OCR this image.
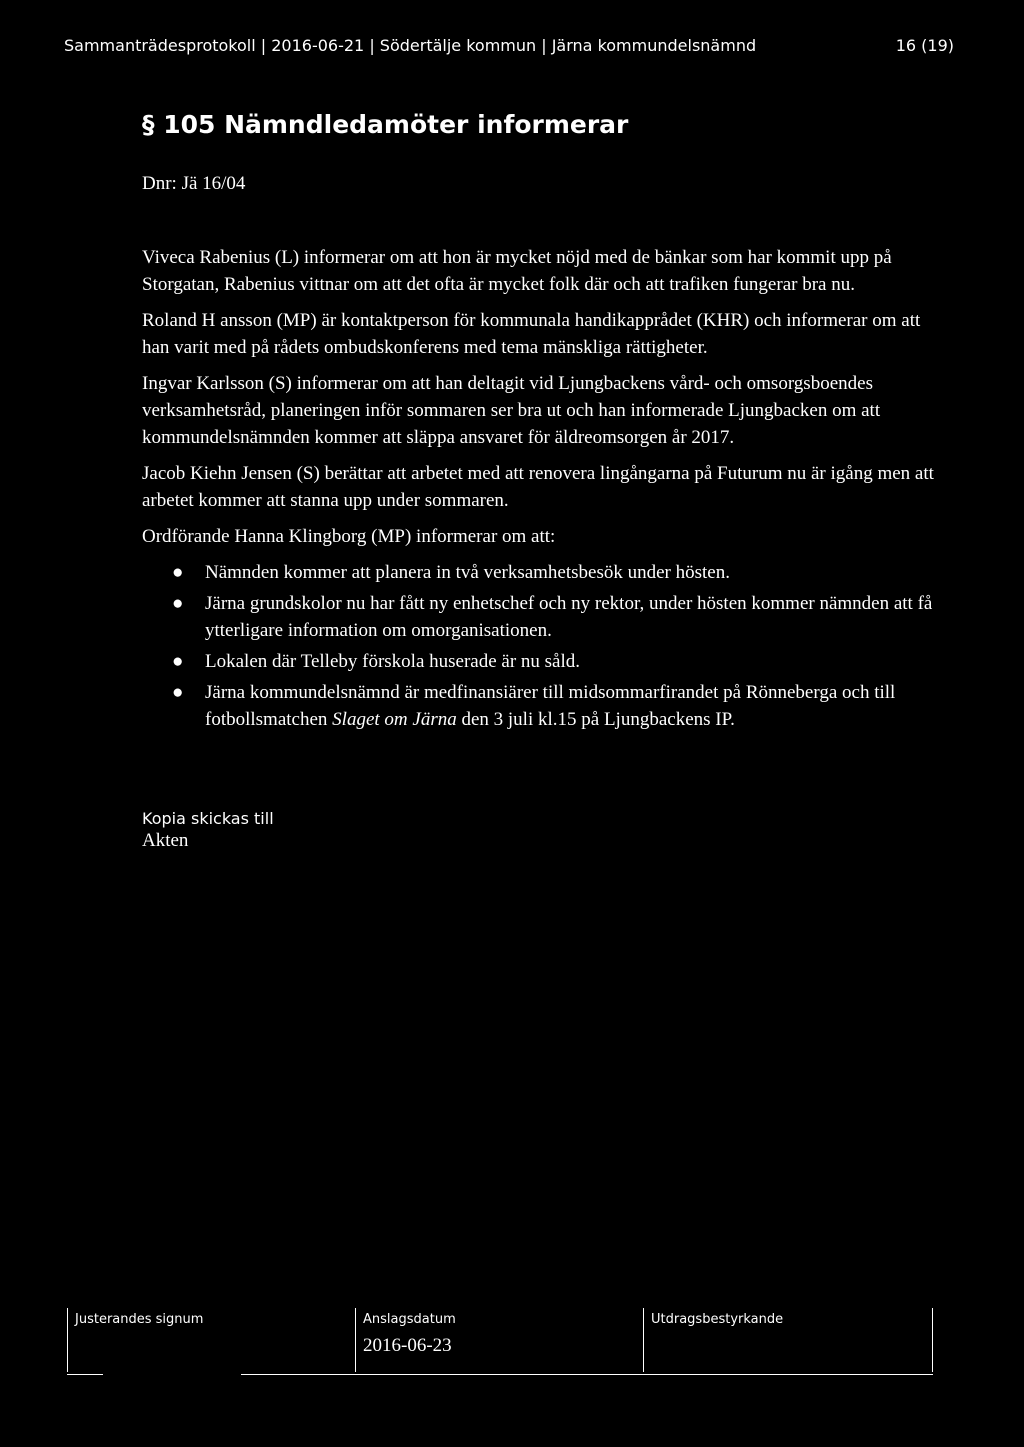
Sammanträdesprotokoll | 2016-06-21 | Södertälje kommun | Järna kommundelsnämnd	16 (19)
§ 105 Nämndledamöter informerar
Dnr: Jä 16/04

Viveca Rabenius (L) informerar om att hon är mycket nöjd med de bänkar som har kommit upp på Storgatan, Rabenius vittnar om att det ofta är mycket folk där och att trafiken fungerar bra nu.

Roland H ansson (MP) är kontaktperson för kommunala handikapprådet (KHR) och informerar om att han varit med på rådets ombudskonferens med tema mänskliga rättigheter.

Ingvar Karlsson (S) informerar om att han deltagit vid Ljungbackens vård- och omsorgsboendes verksamhetsråd, planeringen inför sommaren ser bra ut och han informerade Ljungbacken om att kommundelsnämnden kommer att släppa ansvaret för äldreomsorgen år 2017.

Jacob Kiehn Jensen (S) berättar att arbetet med att renovera lingångarna på Futurum nu är igång men att arbetet kommer att stanna upp under sommaren.

Ordförande Hanna Klingborg (MP) informerar om att:

● Nämnden kommer att planera in två verksamhetsbesök under hösten.
● Järna grundskolor nu har fått ny enhetschef och ny rektor, under hösten kommer nämnden att få ytterligare information om omorganisationen.
● Lokalen där Telleby förskola huserade är nu såld.
● Järna kommundelsnämnd är medfinansiärer till midsommarfirandet på Rönneberga och till fotbollsmatchen Slaget om Järna den 3 juli kl.15 på Ljungbackens IP.
Kopia skickas till
Akten
Justerandes signum	Anslagsdatum
2016-06-23
Utdragsbestyrkande
